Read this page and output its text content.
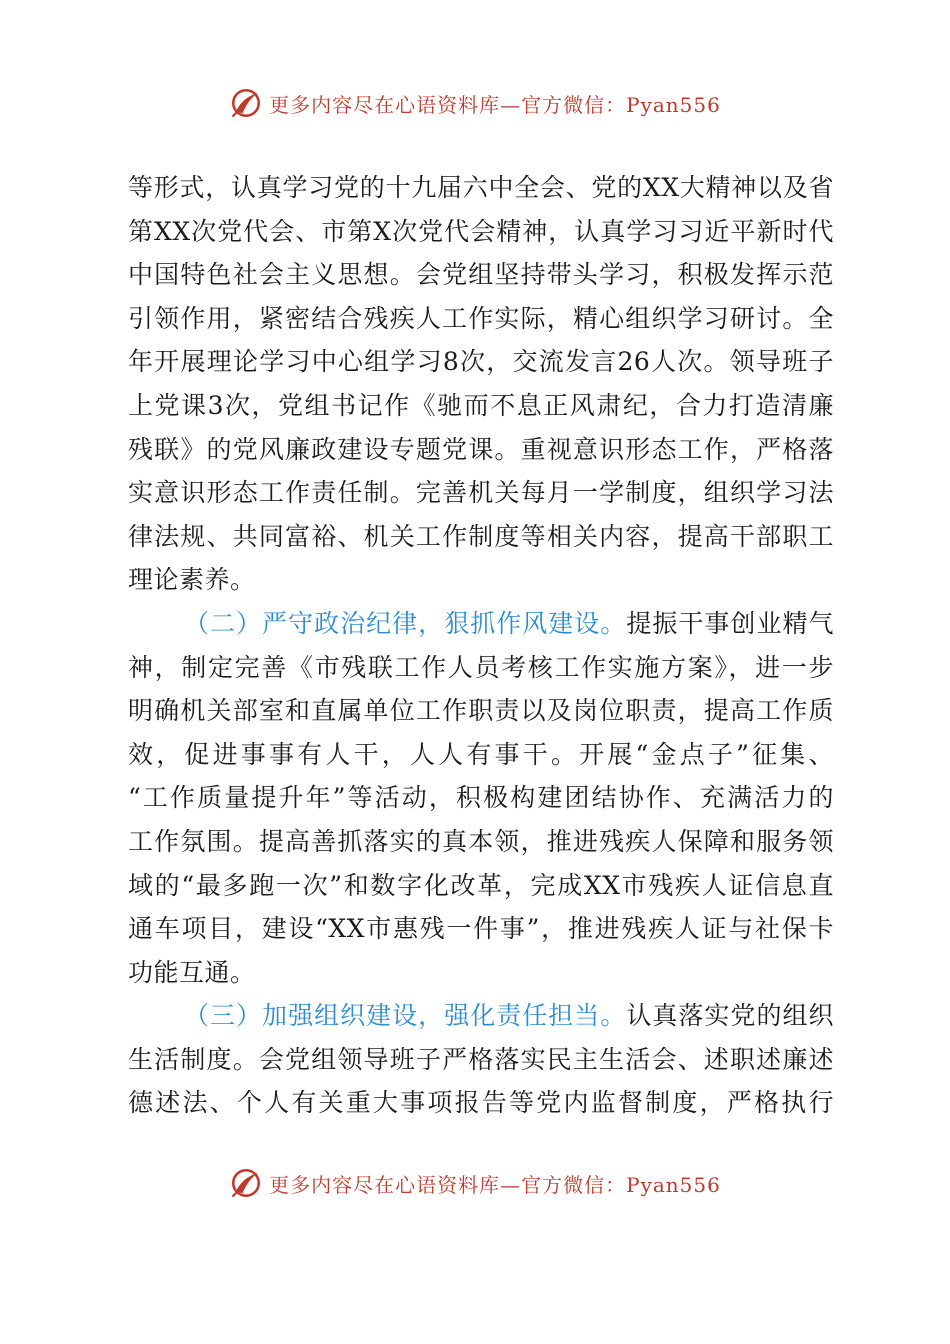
更多内容尽在心语资料库—官方微信：Pyan556
等形式，认真学习党的十九届六中全会、党的XX大精神以及省
第XX次党代会、市第X次党代会精神，认真学习习近平新时代
中国特色社会主义思想。会党组坚持带头学习，积极发挥示范
引领作用，紧密结合残疾人工作实际，精心组织学习研讨。全
年开展理论学习中心组学习8次，交流发言26人次。领导班子
上党课3次，党组书记作《驰而不息正风肃纪，合力打造清廉
残联》的党风廉政建设专题党课。重视意识形态工作，严格落
实意识形态工作责任制。完善机关每月一学制度，组织学习法
律法规、共同富裕、机关工作制度等相关内容，提高干部职工
理论素养。
（二）严守政治纪律，狠抓作风建设。提振干事创业精气
神，制定完善《市残联工作人员考核工作实施方案》，进一步
明确机关部室和直属单位工作职责以及岗位职责，提高工作质
效，促进事事有人干，人人有事干。开展“金点子”征集、
“工作质量提升年”等活动，积极构建团结协作、充满活力的
工作氛围。提高善抓落实的真本领，推进残疾人保障和服务领
域的“最多跑一次”和数字化改革，完成XX市残疾人证信息直
通车项目，建设“XX市惠残一件事”，推进残疾人证与社保卡
功能互通。
（三）加强组织建设，强化责任担当。认真落实党的组织
生活制度。会党组领导班子严格落实民主生活会、述职述廉述
德述法、个人有关重大事项报告等党内监督制度，严格执行
更多内容尽在心语资料库—官方微信：Pyan556
